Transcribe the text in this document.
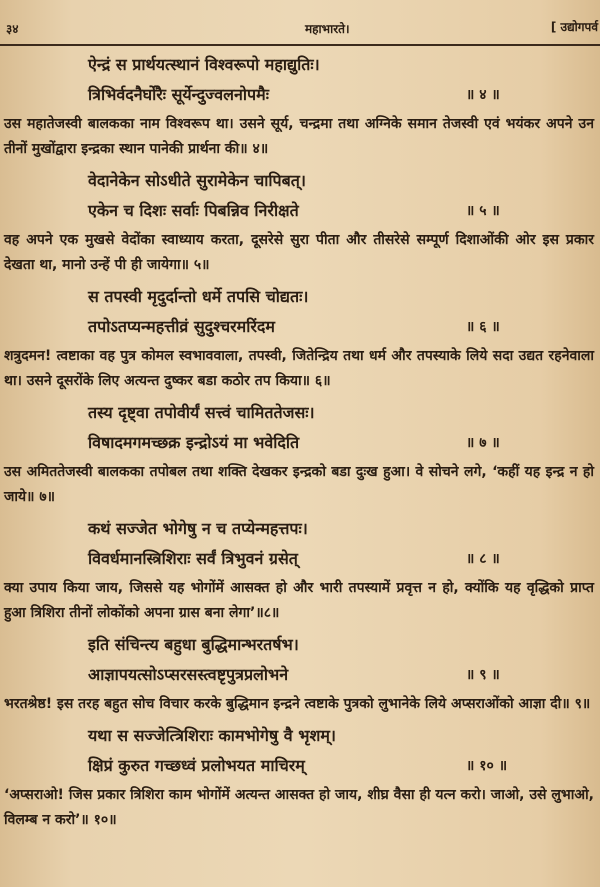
३४	महाभारते।	[ उद्योगपर्व
ऐन्द्रं स प्रार्थयत्स्थानं विश्वरूपो महाद्युतिः।
त्रिभिर्वदनैर्घोरैः सूर्येन्दुज्वलनोपमैः	॥ ४ ॥
उस महातेजस्वी बालकका नाम विश्वरूप था। उसने सूर्य, चन्द्रमा तथा अग्निके समान तेजस्वी एवं भयंकर अपने उन तीनों मुखोंद्वारा इन्द्रका स्थान पानेकी प्रार्थना की॥ ४॥
वेदानेकेन सोऽधीते सुरामेकेन चापिबत्।
एकेन च दिशः सर्वाः पिबन्निव निरीक्षते	॥ ५ ॥
वह अपने एक मुखसे वेदोंका स्वाध्याय करता, दूसरेसे सुरा पीता और तीसरेसे सम्पूर्ण दिशाओंकी ओर इस प्रकार देखता था, मानो उन्हें पी ही जायेगा॥ ५॥
स तपस्वी मृदुर्दान्तो धर्मे तपसि चोद्यतः।
तपोऽतप्यन्महत्तीव्रं सुदुश्चरमरिंदम	॥ ६ ॥
शत्रुदमन! त्वष्टाका वह पुत्र कोमल स्वभाववाला, तपस्वी, जितेन्द्रिय तथा धर्म और तपस्याके लिये सदा उद्यत रहनेवाला था। उसने दूसरोंके लिए अत्यन्त दुष्कर बडा कठोर तप किया॥ ६॥
तस्य दृष्ट्वा तपोवीर्यं सत्त्वं चामिततेजसः।
विषादमगमच्छक्र इन्द्रोऽयं मा भवेदिति	॥ ७ ॥
उस अमिततेजस्वी बालकका तपोबल तथा शक्ति देखकर इन्द्रको बडा दुःख हुआ। वे सोचने लगे, ‘कहीं यह इन्द्र न हो जाये॥ ७॥
कथं सज्जेत भोगेषु न च तप्येन्महत्तपः।
विवर्धमानस्त्रिशिराः सर्वं त्रिभुवनं ग्रसेत्	॥ ८ ॥
क्या उपाय किया जाय, जिससे यह भोगोंमें आसक्त हो और भारी तपस्यामें प्रवृत्त न हो, क्योंकि यह वृद्धिको प्राप्त हुआ त्रिशिरा तीनों लोकोंको अपना ग्रास बना लेगा’॥८॥
इति संचिन्त्य बहुधा बुद्धिमान्भरतर्षभ।
आज्ञापयत्सोऽप्सरसस्त्वष्टृपुत्रप्रलोभने	॥ ९ ॥
भरतश्रेष्ठ! इस तरह बहुत सोच विचार करके बुद्धिमान इन्द्रने त्वष्टाके पुत्रको लुभानेके लिये अप्सराओंको आज्ञा दी॥ ९॥
यथा स सज्जेत्त्रिशिराः कामभोगेषु वै भृशम्।
क्षिप्रं कुरुत गच्छध्वं प्रलोभयत माचिरम्	॥ १० ॥
‘अप्सराओ! जिस प्रकार त्रिशिरा काम भोगोंमें अत्यन्त आसक्त हो जाय, शीघ्र वैसा ही यत्न करो। जाओ, उसे लुभाओ, विलम्ब न करो’॥ १०॥
